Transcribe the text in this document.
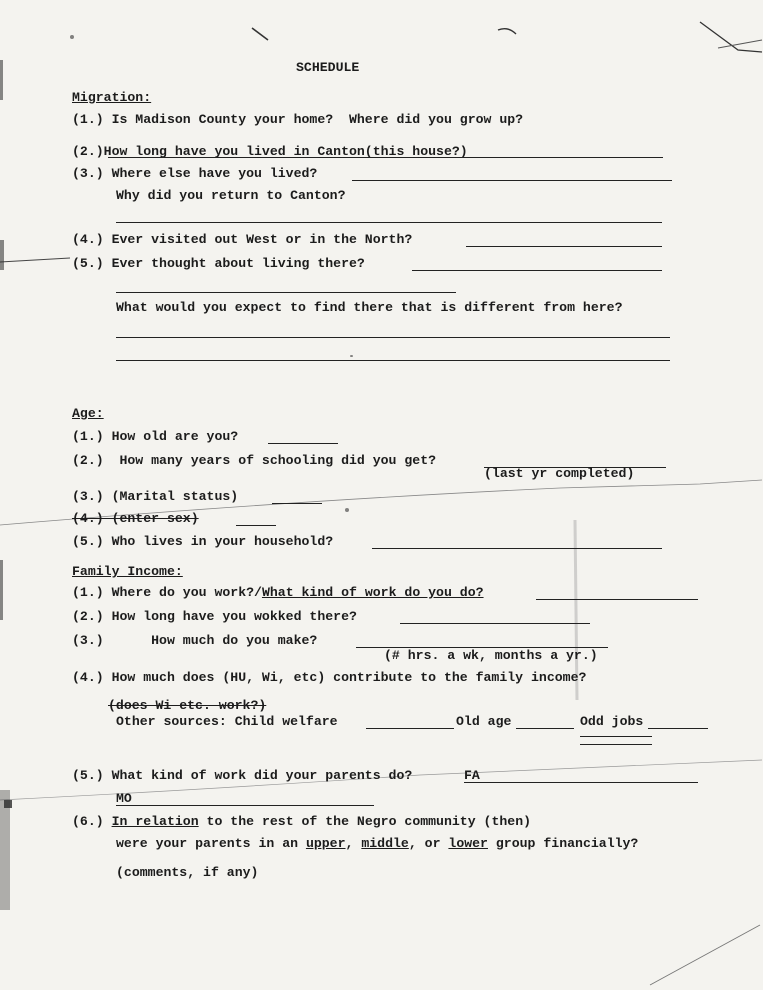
SCHEDULE
Migration:
(1.) Is Madison County your home?  Where did you grow up?
(2.)How long have you lived in Canton(this house?)
(3.) Where else have you lived?
Why did you return to Canton?
(4.) Ever visited out West or in the North?
(5.) Ever thought about living there?
What would you expect to find there that is different from here?
Age:
(1.) How old are you?
(2.)  How many years of schooling did you get?
(last yr completed)
(3.) (Marital status)
(4.) (enter sex)
(5.) Who lives in your household?
Family Income:
(1.) Where do you work?/What kind of work do you do?
(2.) How long have you wokked there?
(3.)      How much do you make?
(# hrs. a wk, months a yr.)
(4.) How much does (HU, Wi, etc) contribute to the family income?
(does Wi etc. work?)
Other sources: Child welfare	Old age	Odd jobs
(5.) What kind of work did your parents do?	FA
MO
(6.) In relation to the rest of the Negro community (then)
were your parents in an upper, middle, or lower group financially?
(comments, if any)
